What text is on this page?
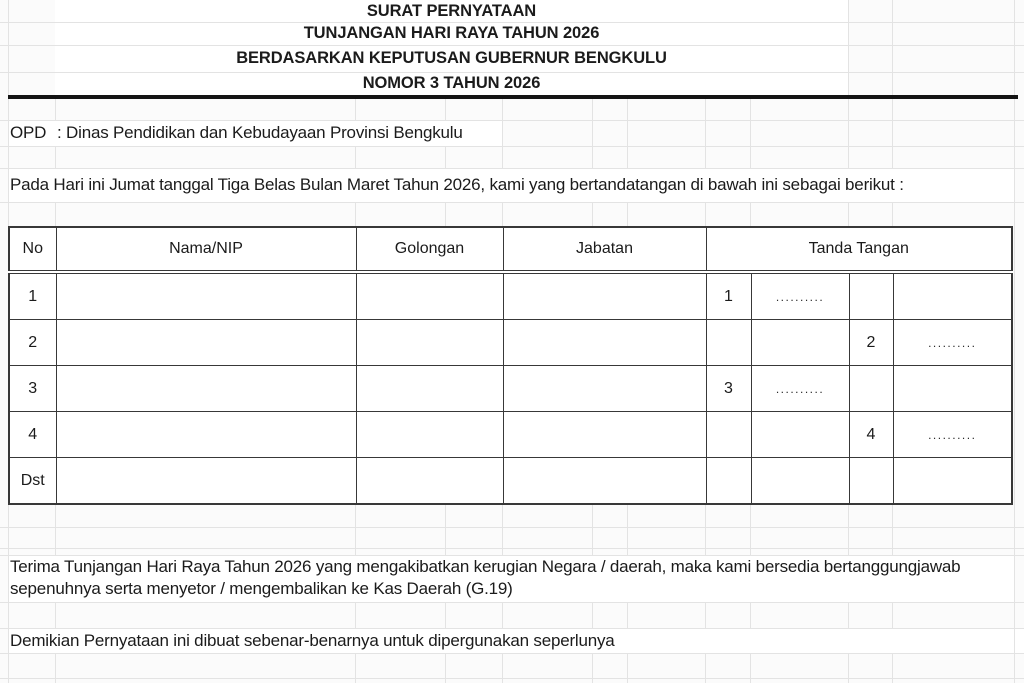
SURAT PERNYATAAN
TUNJANGAN HARI RAYA TAHUN 2026
BERDASARKAN KEPUTUSAN GUBERNUR BENGKULU
NOMOR 3 TAHUN 2026
OPD : Dinas Pendidikan dan Kebudayaan Provinsi Bengkulu
Pada Hari ini Jumat tanggal Tiga Belas Bulan Maret Tahun 2026, kami yang bertandatangan di bawah ini sebagai berikut :
No	Nama/NIP	Golongan	Jabatan	Tanda Tangan			
1				1	..........		
2						2	..........
3				3	..........		
4						4	..........
Dst							
Terima Tunjangan Hari Raya Tahun 2026 yang mengakibatkan kerugian Negara / daerah, maka kami bersedia bertanggungjawab
sepenuhnya serta menyetor / mengembalikan ke Kas Daerah (G.19)
Demikian Pernyataan ini dibuat sebenar-benarnya untuk dipergunakan seperlunya
